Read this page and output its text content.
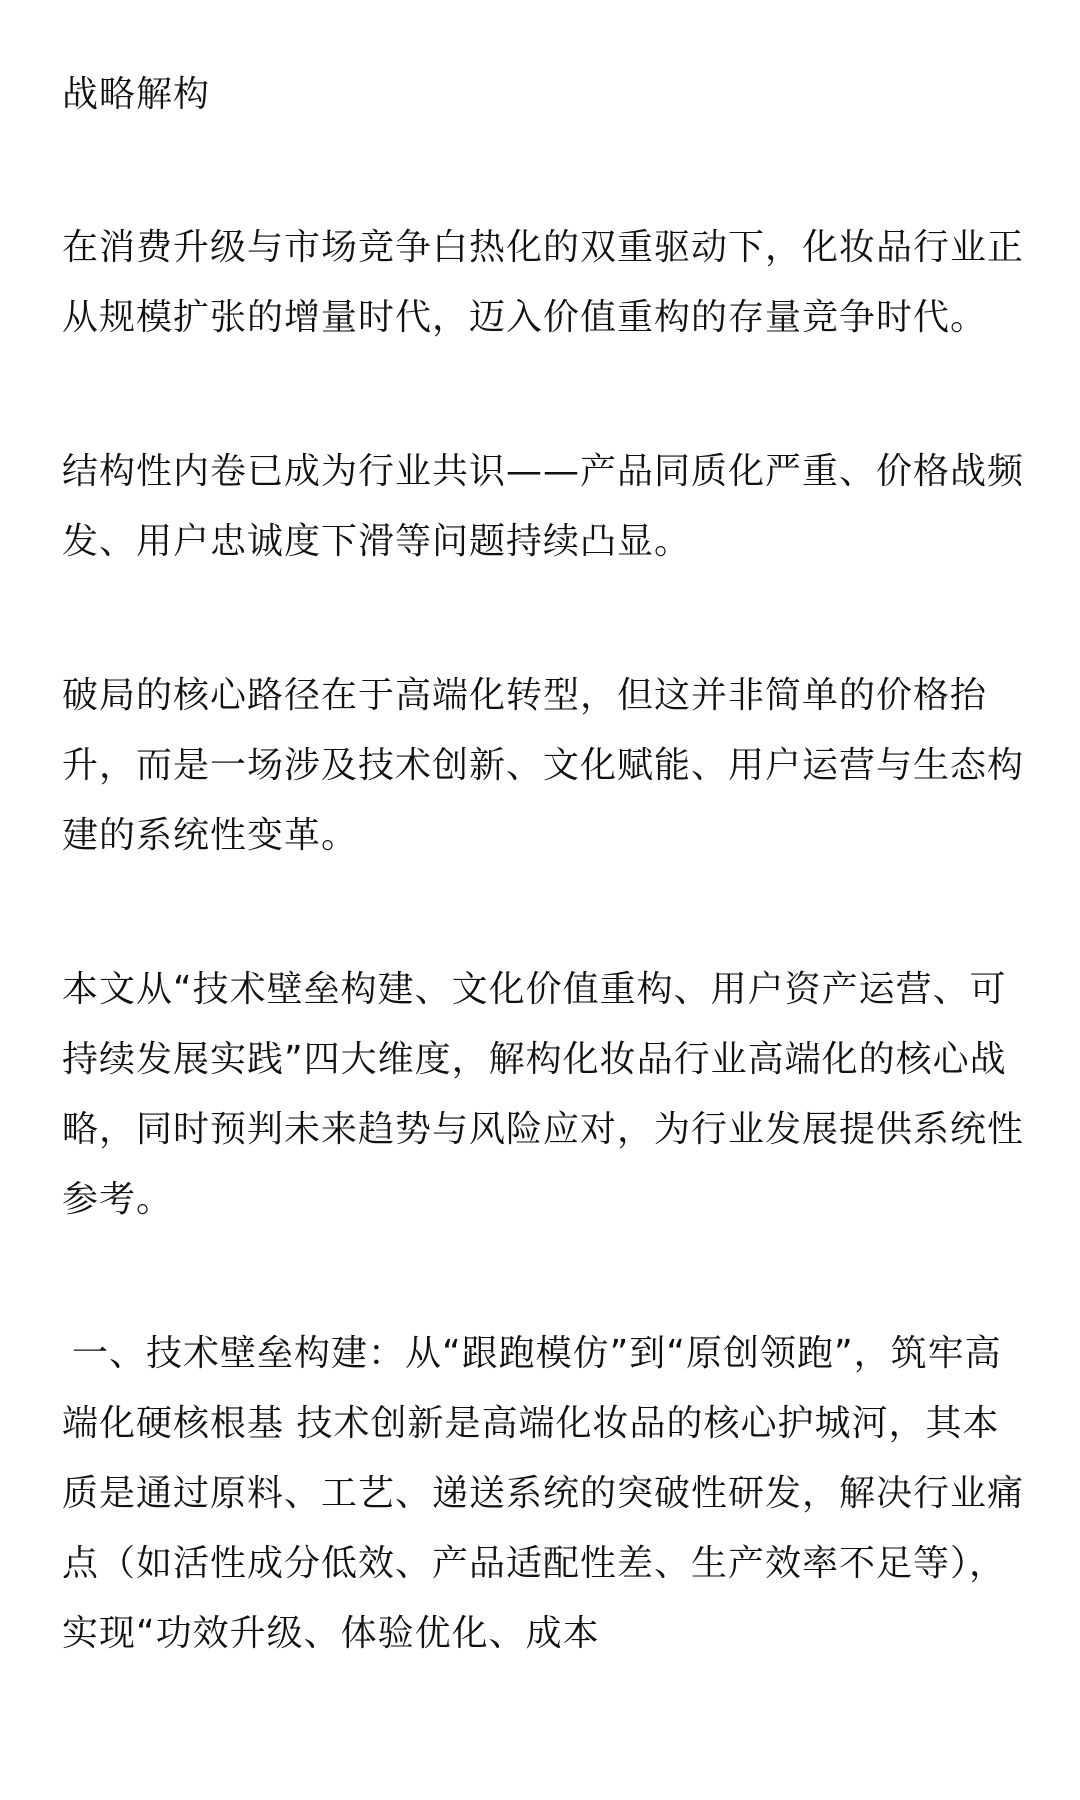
战略解构

在消费升级与市场竞争白热化的双重驱动下，化妆品行业正从规模扩张的增量时代，迈入价值重构的存量竞争时代。

结构性内卷已成为行业共识——产品同质化严重、价格战频发、用户忠诚度下滑等问题持续凸显。

破局的核心路径在于高端化转型，但这并非简单的价格抬升，而是一场涉及技术创新、文化赋能、用户运营与生态构建的系统性变革。

本文从“技术壁垒构建、文化价值重构、用户资产运营、可持续发展实践”四大维度，解构化妆品行业高端化的核心战略，同时预判未来趋势与风险应对，为行业发展提供系统性参考。

一、技术壁垒构建：从“跟跑模仿”到“原创领跑”，筑牢高端化硬核根基 技术创新是高端化妆品的核心护城河，其本质是通过原料、工艺、递送系统的突破性研发，解决行业痛点（如活性成分低效、产品适配性差、生产效率不足等），实现“功效升级、体验优化、成本
